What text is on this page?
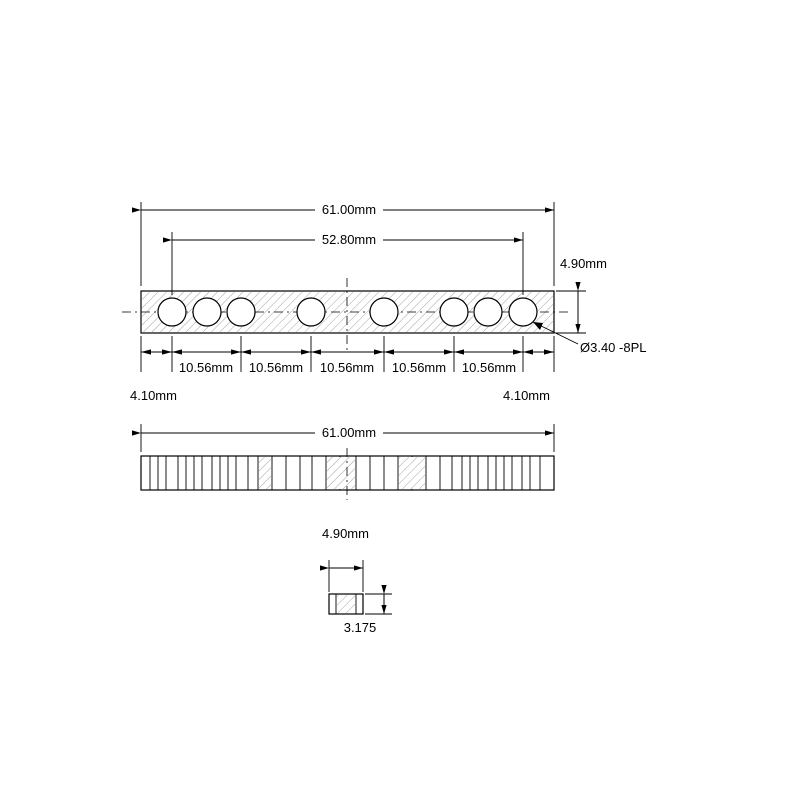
61.00mm
52.80mm
4.90mm
Ø3.40 -8PL
10.56mm 10.56mm 10.56mm 10.56mm 10.56mm
4.10mm	4.10mm
61.00mm
4.90mm
3.175
